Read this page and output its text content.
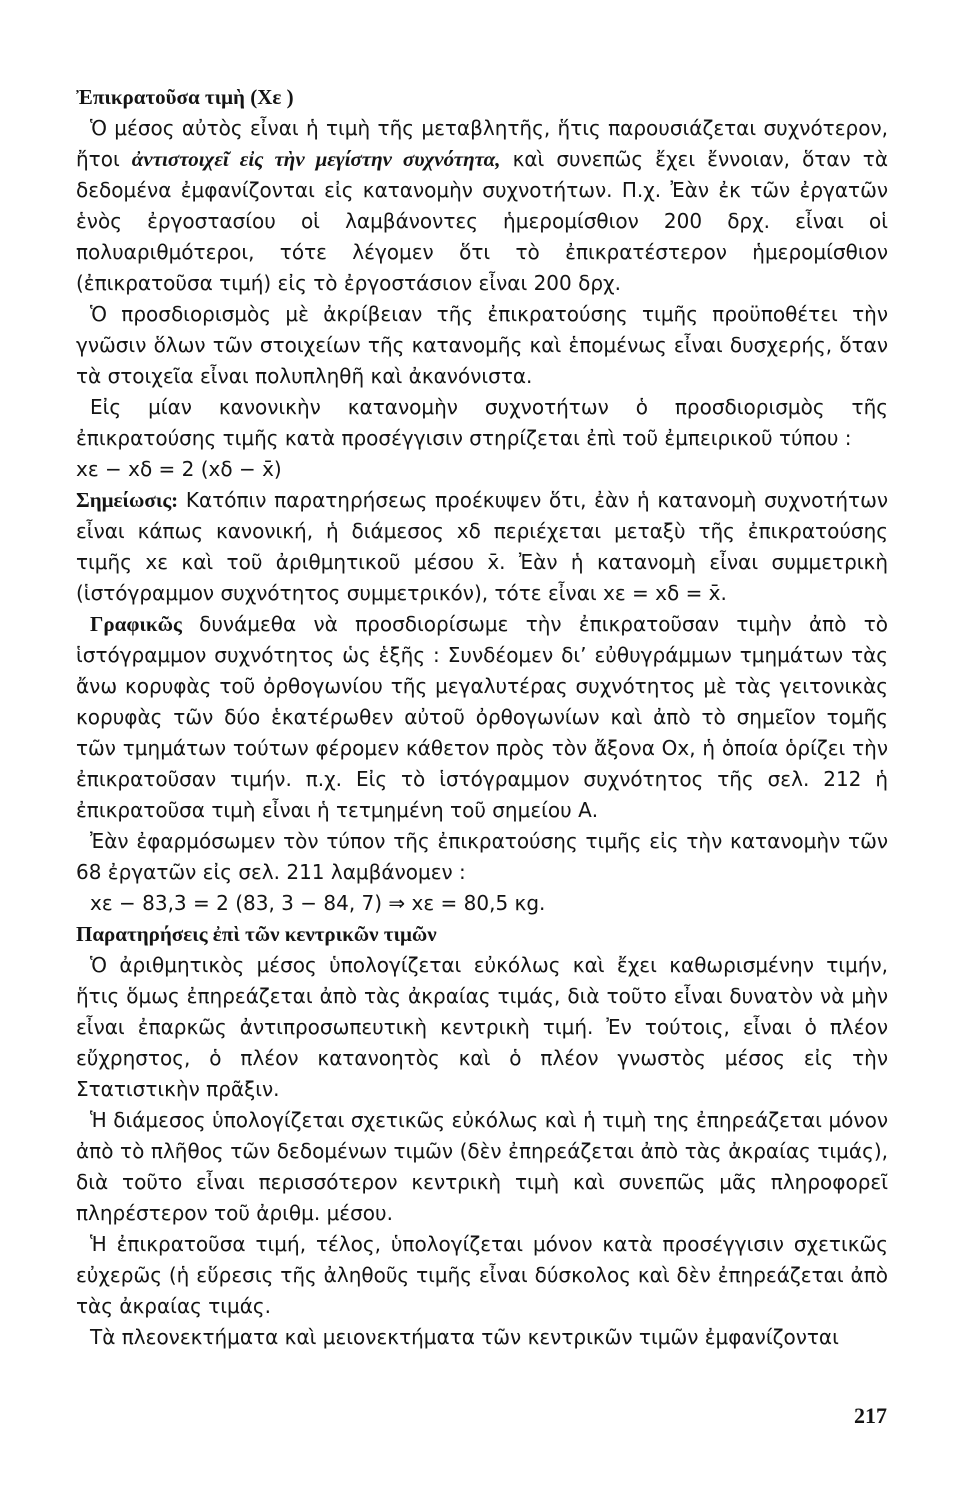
Ἐπικρατοῦσα τιμὴ (Xε )

Ὁ μέσος αὐτὸς εἶναι ἡ τιμὴ τῆς μεταβλητῆς, ἥτις παρουσιάζεται συχνότερον, ἤτοι ἀντιστοιχεῖ εἰς τὴν μεγίστην συχνότητα, καὶ συνεπῶς ἔχει ἔννοιαν, ὅταν τὰ δεδομένα ἐμφανίζονται εἰς κατανομὴν συχνοτήτων. Π.χ. Ἐὰν ἐκ τῶν ἐργατῶν ἑνὸς ἐργοστασίου οἱ λαμβάνοντες ἡμερομίσθιον 200 δρχ. εἶναι οἱ πολυαριθμότεροι, τότε λέγομεν ὅτι τὸ ἐπικρατέστερον ἡμερομίσθιον (ἐπικρατοῦσα τιμή) εἰς τὸ ἐργοστάσιον εἶναι 200 δρχ.

Ὁ προσδιορισμὸς μὲ ἀκρίβειαν τῆς ἐπικρατούσης τιμῆς προϋποθέτει τὴν γνῶσιν ὅλων τῶν στοιχείων τῆς κατανομῆς καὶ ἑπομένως εἶναι δυσχερής, ὅταν τὰ στοιχεῖα εἶναι πολυπληθῆ καὶ ἀκανόνιστα.

Εἰς μίαν κανονικὴν κατανομὴν συχνοτήτων ὁ προσδιορισμὸς τῆς ἐπικρατούσης τιμῆς κατὰ προσέγγισιν στηρίζεται ἐπὶ τοῦ ἐμπειρικοῦ τύπου :

xε − xδ = 2 (xδ − x̄)

Σημείωσις: Κατόπιν παρατηρήσεως προέκυψεν ὅτι, ἐὰν ἡ κατανομὴ συχνοτήτων εἶναι κάπως κανονική, ἡ διάμεσος xδ περιέχεται μεταξὺ τῆς ἐπικρατούσης τιμῆς xε καὶ τοῦ ἀριθμητικοῦ μέσου x̄. Ἐὰν ἡ κατανομὴ εἶναι συμμετρικὴ (ἱστόγραμμον συχνότητος συμμετρικόν), τότε εἶναι xε = xδ = x̄.

Γραφικῶς δυνάμεθα νὰ προσδιορίσωμε τὴν ἐπικρατοῦσαν τιμὴν ἀπὸ τὸ ἱστόγραμμον συχνότητος ὡς ἑξῆς : Συνδέομεν δι’ εὐθυγράμμων τμημάτων τὰς ἄνω κορυφὰς τοῦ ὀρθογωνίου τῆς μεγαλυτέρας συχνότητος μὲ τὰς γειτονικὰς κορυφὰς τῶν δύο ἑκατέρωθεν αὐτοῦ ὀρθογωνίων καὶ ἀπὸ τὸ σημεῖον τομῆς τῶν τμημάτων τούτων φέρομεν κάθετον πρὸς τὸν ἄξονα Ox, ἡ ὁποία ὁρίζει τὴν ἐπικρατοῦσαν τιμήν. π.χ. Εἰς τὸ ἱστόγραμμον συχνότητος τῆς σελ. 212 ἡ ἐπικρατοῦσα τιμὴ εἶναι ἡ τετμημένη τοῦ σημείου Α.

Ἐὰν ἐφαρμόσωμεν τὸν τύπον τῆς ἐπικρατούσης τιμῆς εἰς τὴν κατανομὴν τῶν 68 ἐργατῶν εἰς σελ. 211 λαμβάνομεν :

xε − 83,3 = 2 (83, 3 − 84, 7) ⇒ xε = 80,5 κg.

Παρατηρήσεις ἐπὶ τῶν κεντρικῶν τιμῶν

Ὁ ἀριθμητικὸς μέσος ὑπολογίζεται εὐκόλως καὶ ἔχει καθωρισμένην τιμήν, ἥτις ὅμως ἐπηρεάζεται ἀπὸ τὰς ἀκραίας τιμάς, διὰ τοῦτο εἶναι δυνατὸν νὰ μὴν εἶναι ἐπαρκῶς ἀντιπροσωπευτικὴ κεντρικὴ τιμή. Ἐν τούτοις, εἶναι ὁ πλέον εὔχρηστος, ὁ πλέον κατανοητὸς καὶ ὁ πλέον γνωστὸς μέσος εἰς τὴν Στατιστικὴν πρᾶξιν.

Ἡ διάμεσος ὑπολογίζεται σχετικῶς εὐκόλως καὶ ἡ τιμὴ της ἐπηρεάζεται μόνον ἀπὸ τὸ πλῆθος τῶν δεδομένων τιμῶν (δὲν ἐπηρεάζεται ἀπὸ τὰς ἀκραίας τιμάς), διὰ τοῦτο εἶναι περισσότερον κεντρικὴ τιμὴ καὶ συνεπῶς μᾶς πληροφορεῖ πληρέστερον τοῦ ἀριθμ. μέσου.

Ἡ ἐπικρατοῦσα τιμή, τέλος, ὑπολογίζεται μόνον κατὰ προσέγγισιν σχετικῶς εὐχερῶς (ἡ εὕρεσις τῆς ἀληθοῦς τιμῆς εἶναι δύσκολος καὶ δὲν ἐπηρεάζεται ἀπὸ τὰς ἀκραίας τιμάς.

Τὰ πλεονεκτήματα καὶ μειονεκτήματα τῶν κεντρικῶν τιμῶν ἐμφανίζονται

217
